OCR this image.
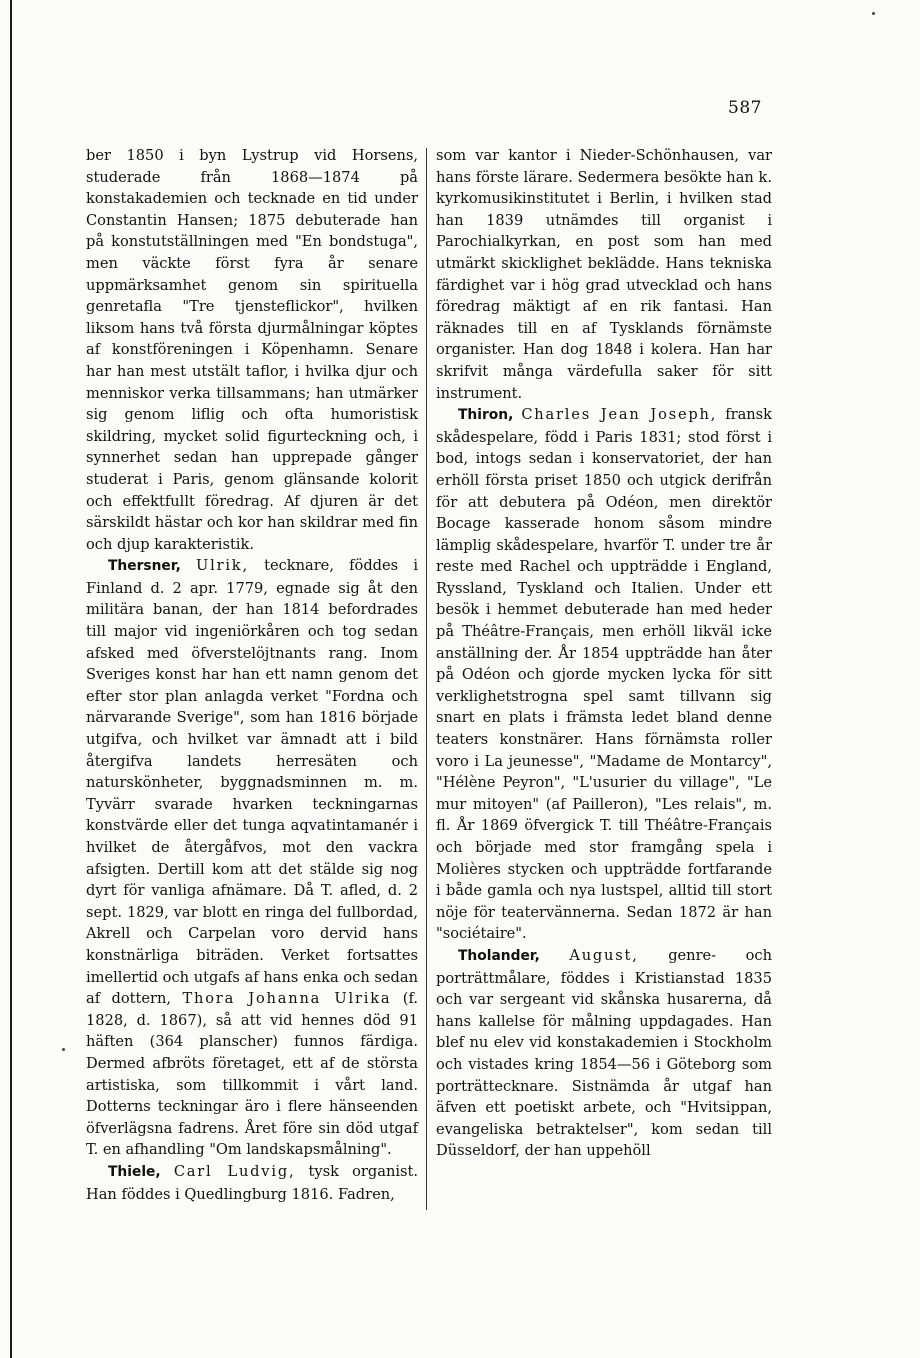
587

ber 1850 i byn Lystrup vid Horsens, studerade från 1868—1874 på konstakademien och tecknade en tid under Constantin Hansen; 1875 debuterade han på konstutställningen med "En bondstuga", men väckte först fyra år senare uppmärksamhet genom sin spirituella genretafla "Tre tjensteflickor", hvilken liksom hans två första djurmålningar köptes af konstföreningen i Köpenhamn. Senare har han mest utstält taflor, i hvilka djur och menniskor verka tillsammans; han utmärker sig genom liflig och ofta humoristisk skildring, mycket solid figurteckning och, i synnerhet sedan han upprepade gånger studerat i Paris, genom glänsande kolorit och effektfullt föredrag. Af djuren är det särskildt hästar och kor han skildrar med fin och djup karakteristik.

Thersner, Ulrik, tecknare, föddes i Finland d. 2 apr. 1779, egnade sig åt den militära banan, der han 1814 befordrades till major vid ingeniörkåren och tog sedan afsked med öfverstelöjtnants rang. Inom Sveriges konst har han ett namn genom det efter stor plan anlagda verket "Fordna och närvarande Sverige", som han 1816 började utgifva, och hvilket var ämnadt att i bild återgifva landets herresäten och naturskönheter, byggnadsminnen m. m. Tyvärr svarade hvarken teckningarnas konstvärde eller det tunga aqvatintamanér i hvilket de återgåfvos, mot den vackra afsigten. Dertill kom att det stälde sig nog dyrt för vanliga afnämare. Då T. afled, d. 2 sept. 1829, var blott en ringa del fullbordad, Akrell och Carpelan voro dervid hans konstnärliga biträden. Verket fortsattes imellertid och utgafs af hans enka och sedan af dottern, Thora Johanna Ulrika (f. 1828, d. 1867), så att vid hennes död 91 häften (364 planscher) funnos färdiga. Dermed afbröts företaget, ett af de största artistiska, som tillkommit i vårt land. Dotterns teckningar äro i flere hänseenden öfverlägsna fadrens. Året före sin död utgaf T. en afhandling "Om landskapsmålning".

Thiele, Carl Ludvig, tysk organist. Han föddes i Quedlingburg 1816. Fadren,

som var kantor i Nieder-Schönhausen, var hans förste lärare. Sedermera besökte han k. kyrkomusikinstitutet i Berlin, i hvilken stad han 1839 utnämdes till organist i Parochialkyrkan, en post som han med utmärkt skicklighet beklädde. Hans tekniska färdighet var i hög grad utvecklad och hans föredrag mäktigt af en rik fantasi. Han räknades till en af Tysklands förnämste organister. Han dog 1848 i kolera. Han har skrifvit många värdefulla saker för sitt instrument.

Thiron, Charles Jean Joseph, fransk skådespelare, född i Paris 1831; stod först i bod, intogs sedan i konservatoriet, der han erhöll första priset 1850 och utgick derifrån för att debutera på Odéon, men direktör Bocage kasserade honom såsom mindre lämplig skådespelare, hvarför T. under tre år reste med Rachel och uppträdde i England, Ryssland, Tyskland och Italien. Under ett besök i hemmet debuterade han med heder på Théâtre-Français, men erhöll likväl icke anställning der. År 1854 uppträdde han åter på Odéon och gjorde mycken lycka för sitt verklighetstrogna spel samt tillvann sig snart en plats i främsta ledet bland denne teaters konstnärer. Hans förnämsta roller voro i La jeunesse", "Madame de Montarcy", "Hélène Peyron", "L'usurier du village", "Le mur mitoyen" (af Pailleron), "Les relais", m. fl. År 1869 öfvergick T. till Théâtre-Français och började med stor framgång spela i Molières stycken och uppträdde fortfarande i både gamla och nya lustspel, alltid till stort nöje för teatervännerna. Sedan 1872 är han "sociétaire".

Tholander, August, genre- och porträttmålare, föddes i Kristianstad 1835 och var sergeant vid skånska husarerna, då hans kallelse för målning uppdagades. Han blef nu elev vid konstakademien i Stockholm och vistades kring 1854—56 i Göteborg som porträttecknare. Sistnämda år utgaf han äfven ett poetiskt arbete, och "Hvitsippan, evangeliska betraktelser", kom sedan till Düsseldorf, der han uppehöll
